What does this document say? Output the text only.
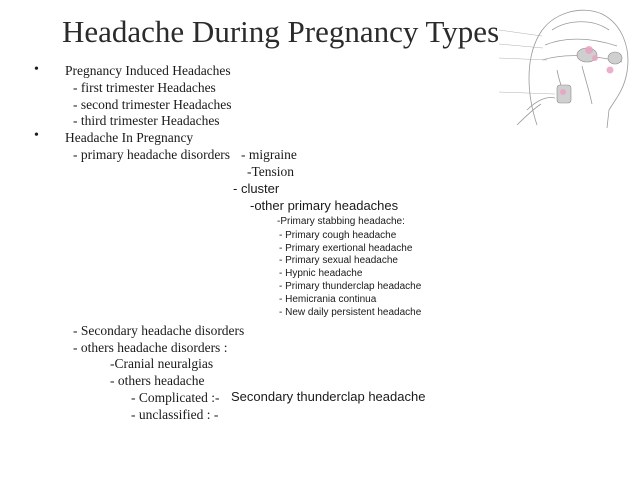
Headache During Pregnancy Types
• Pregnancy Induced Headaches
- first trimester Headaches
- second trimester Headaches
- third trimester Headaches
• Headache In Pregnancy
- primary headache disorders - migraine
-Tension
- cluster
-other primary headaches
-Primary stabbing headache:
- Primary cough headache
- Primary exertional headache
- Primary sexual headache
- Hypnic headache
- Primary thunderclap headache
- Hemicrania continua
- New daily persistent headache
- Secondary headache disorders
- others headache disorders :
-Cranial neuralgias
- others headache
- Complicated :- Secondary thunderclap headache
- unclassified : -
